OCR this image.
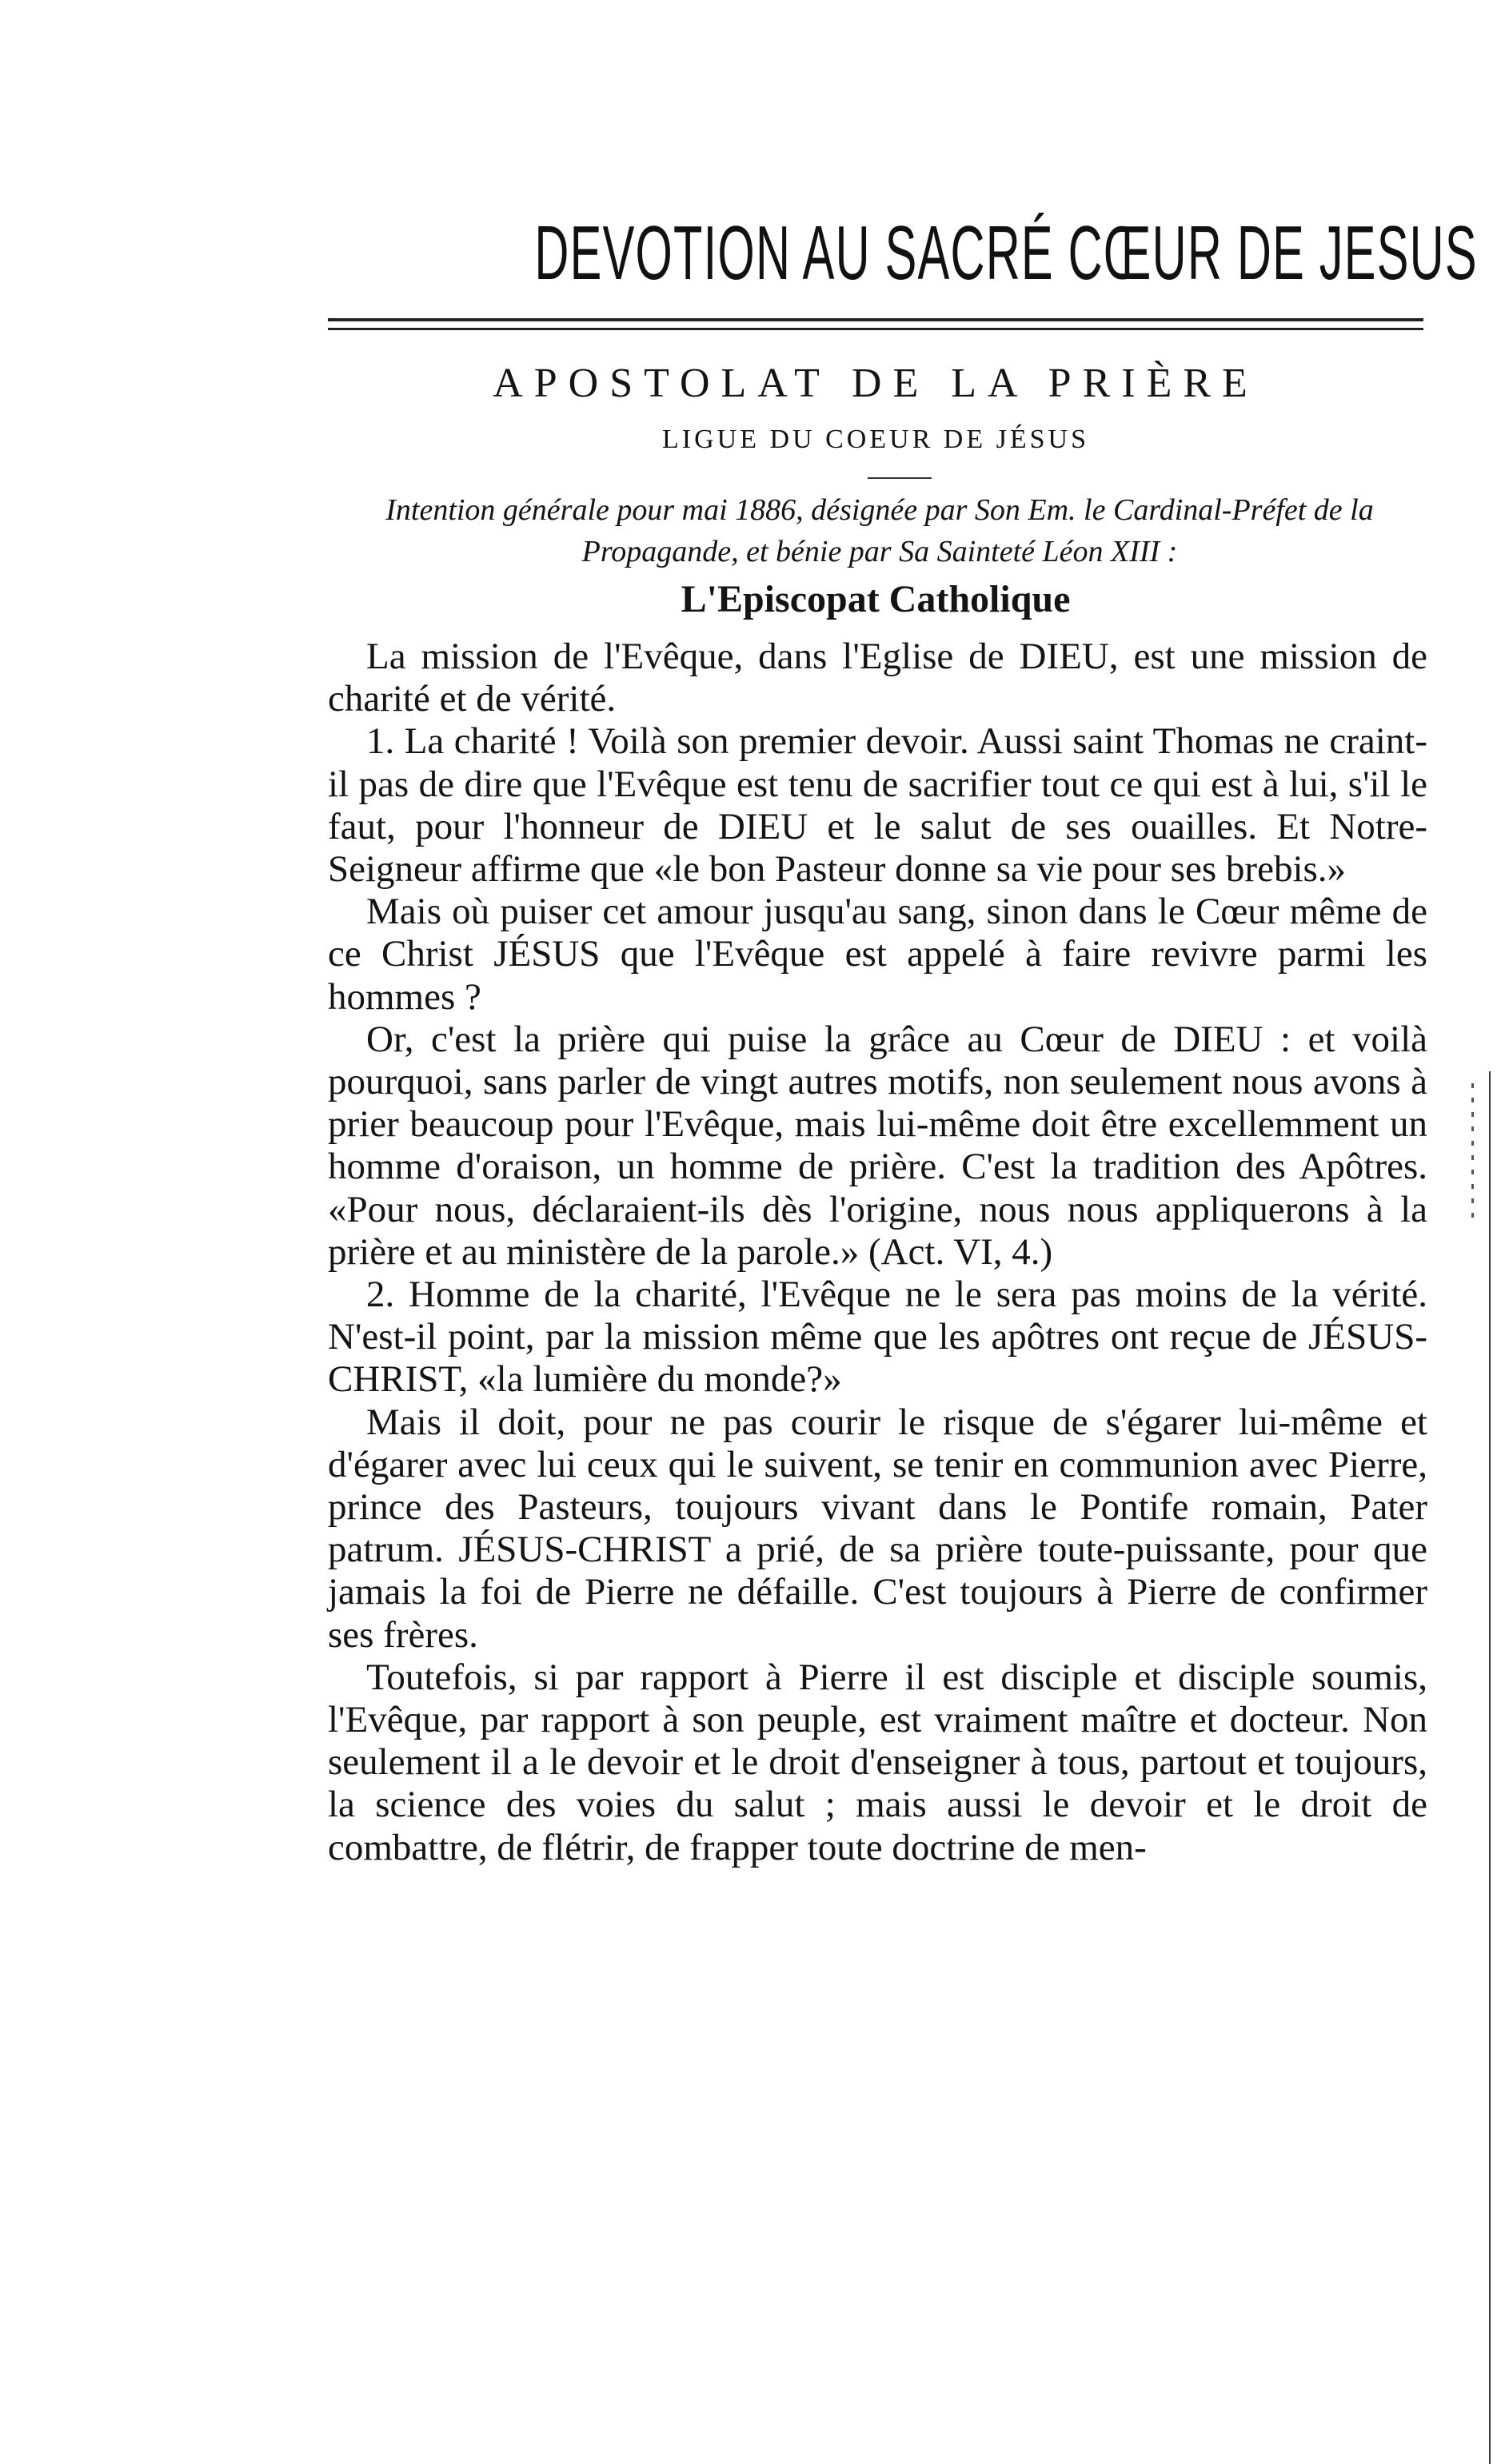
DEVOTION AU SACRÉ CŒUR DE JESUS
APOSTOLAT DE LA PRIÈRE
LIGUE DU COEUR DE JÉSUS
Intention générale pour mai 1886, désignée par Son Em. le Cardinal-Préfet de la Propagande, et bénie par Sa Sainteté Léon XIII :
L'Episcopat Catholique

La mission de l'Evêque, dans l'Eglise de DIEU, est une mission de charité et de vérité.

1. La charité ! Voilà son premier devoir. Aussi saint Thomas ne craint-il pas de dire que l'Evêque est tenu de sacrifier tout ce qui est à lui, s'il le faut, pour l'honneur de DIEU et le salut de ses ouailles. Et Notre-Seigneur affirme que «le bon Pasteur donne sa vie pour ses brebis.»

Mais où puiser cet amour jusqu'au sang, sinon dans le Cœur même de ce Christ JÉSUS que l'Evêque est appelé à faire revivre parmi les hommes ?

Or, c'est la prière qui puise la grâce au Cœur de DIEU : et voilà pourquoi, sans parler de vingt autres motifs, non seulement nous avons à prier beaucoup pour l'Evêque, mais lui-même doit être excellemment un homme d'oraison, un homme de prière. C'est la tradition des Apôtres. «Pour nous, déclaraient-ils dès l'origine, nous nous appliquerons à la prière et au ministère de la parole.» (Act. VI, 4.)

2. Homme de la charité, l'Evêque ne le sera pas moins de la vérité. N'est-il point, par la mission même que les apôtres ont reçue de JÉSUS-CHRIST, «la lumière du monde?»

Mais il doit, pour ne pas courir le risque de s'égarer lui-même et d'égarer avec lui ceux qui le suivent, se tenir en communion avec Pierre, prince des Pasteurs, toujours vivant dans le Pontife romain, Pater patrum. JÉSUS-CHRIST a prié, de sa prière toute-puissante, pour que jamais la foi de Pierre ne défaille. C'est toujours à Pierre de confirmer ses frères.

Toutefois, si par rapport à Pierre il est disciple et disciple soumis, l'Evêque, par rapport à son peuple, est vraiment maître et docteur. Non seulement il a le devoir et le droit d'enseigner à tous, partout et toujours, la science des voies du salut ; mais aussi le devoir et le droit de combattre, de flétrir, de frapper toute doctrine de men-
